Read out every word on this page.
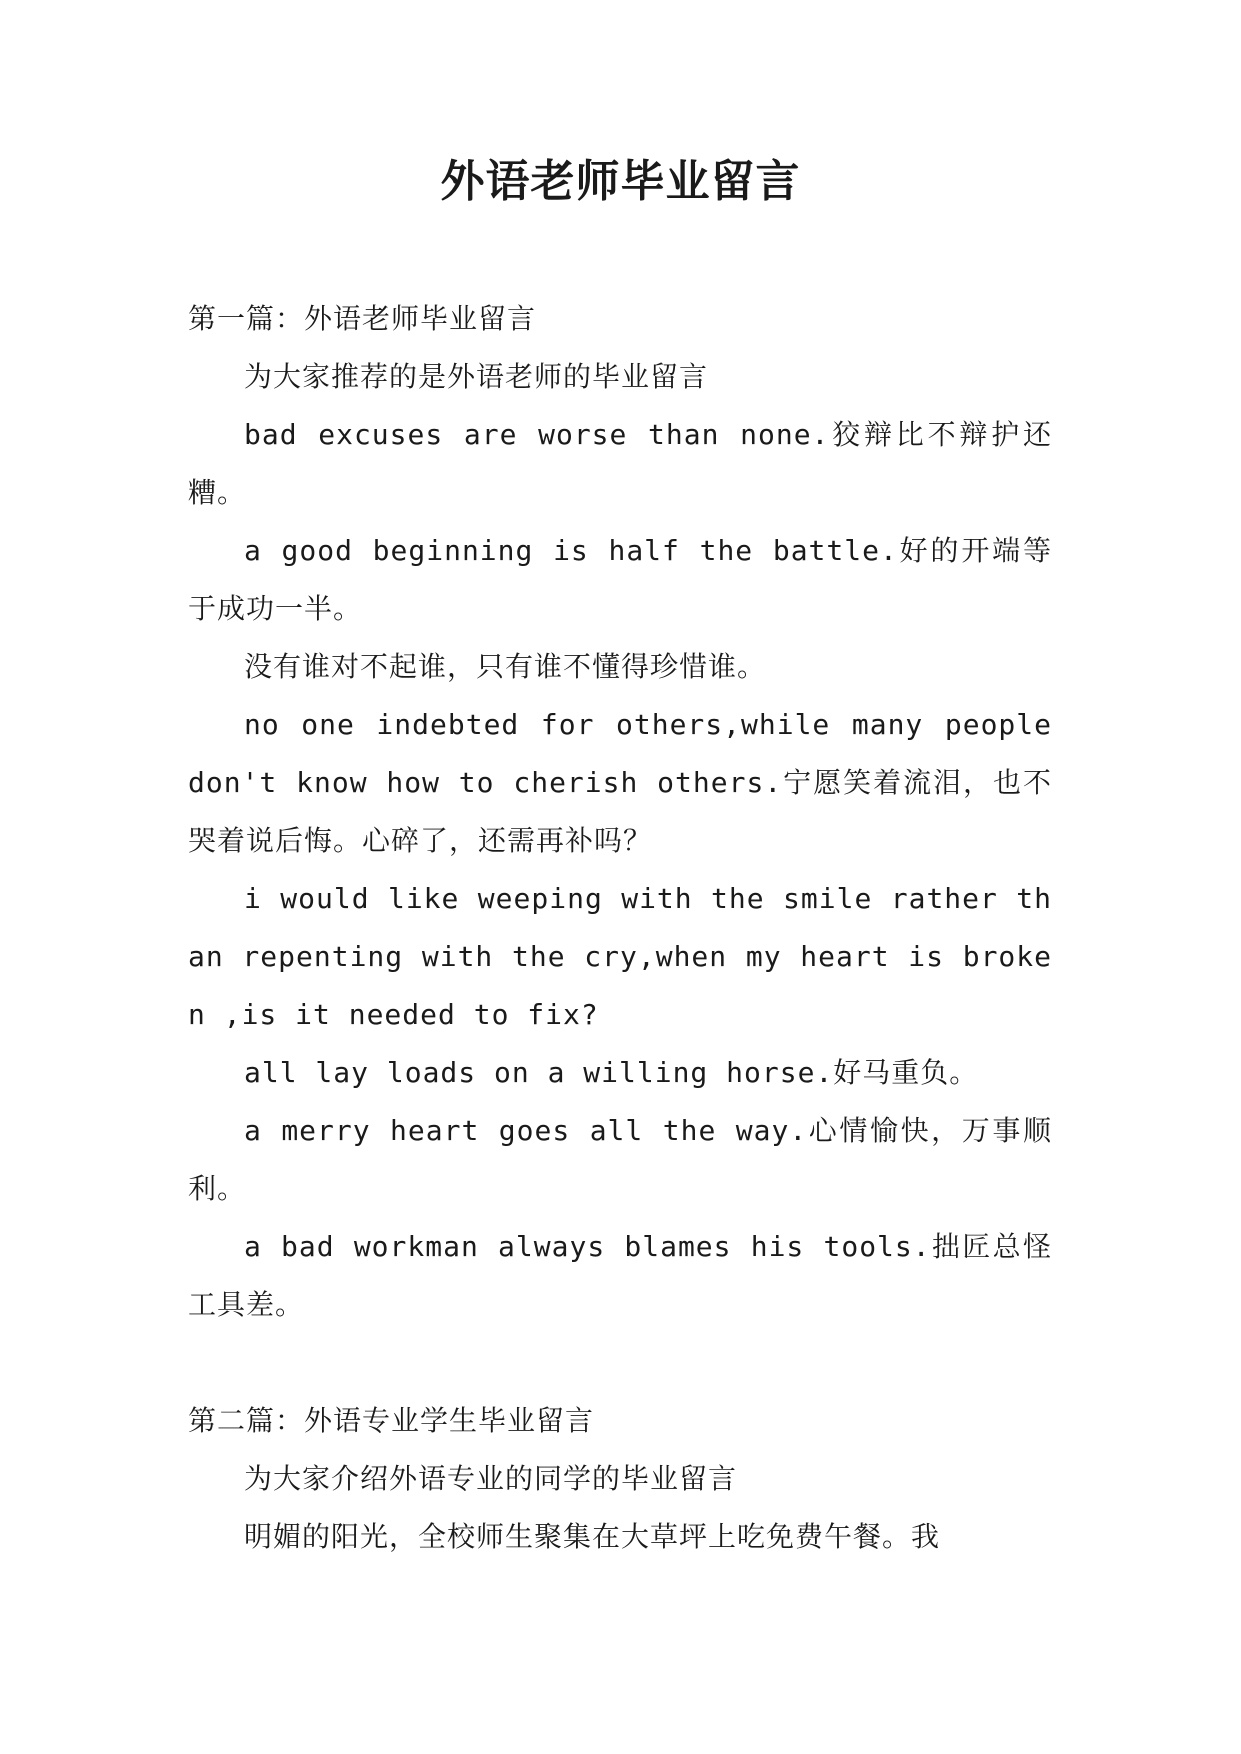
外语老师毕业留言

第一篇：外语老师毕业留言

为大家推荐的是外语老师的毕业留言

bad excuses are worse than none.狡辩比不辩护还糟。

a good beginning is half the battle.好的开端等于成功一半。

没有谁对不起谁，只有谁不懂得珍惜谁。

no one indebted for others,while many people don't know how to cherish others.宁愿笑着流泪，也不哭着说后悔。心碎了，还需再补吗？

i would like weeping with the smile rather than repenting with the cry,when my heart is broken ,is it needed to fix?

all lay loads on a willing horse.好马重负。

a merry heart goes all the way.心情愉快，万事顺利。

a bad workman always blames his tools.拙匠总怪工具差。

第二篇：外语专业学生毕业留言

为大家介绍外语专业的同学的毕业留言

明媚的阳光，全校师生聚集在大草坪上吃免费午餐。我
